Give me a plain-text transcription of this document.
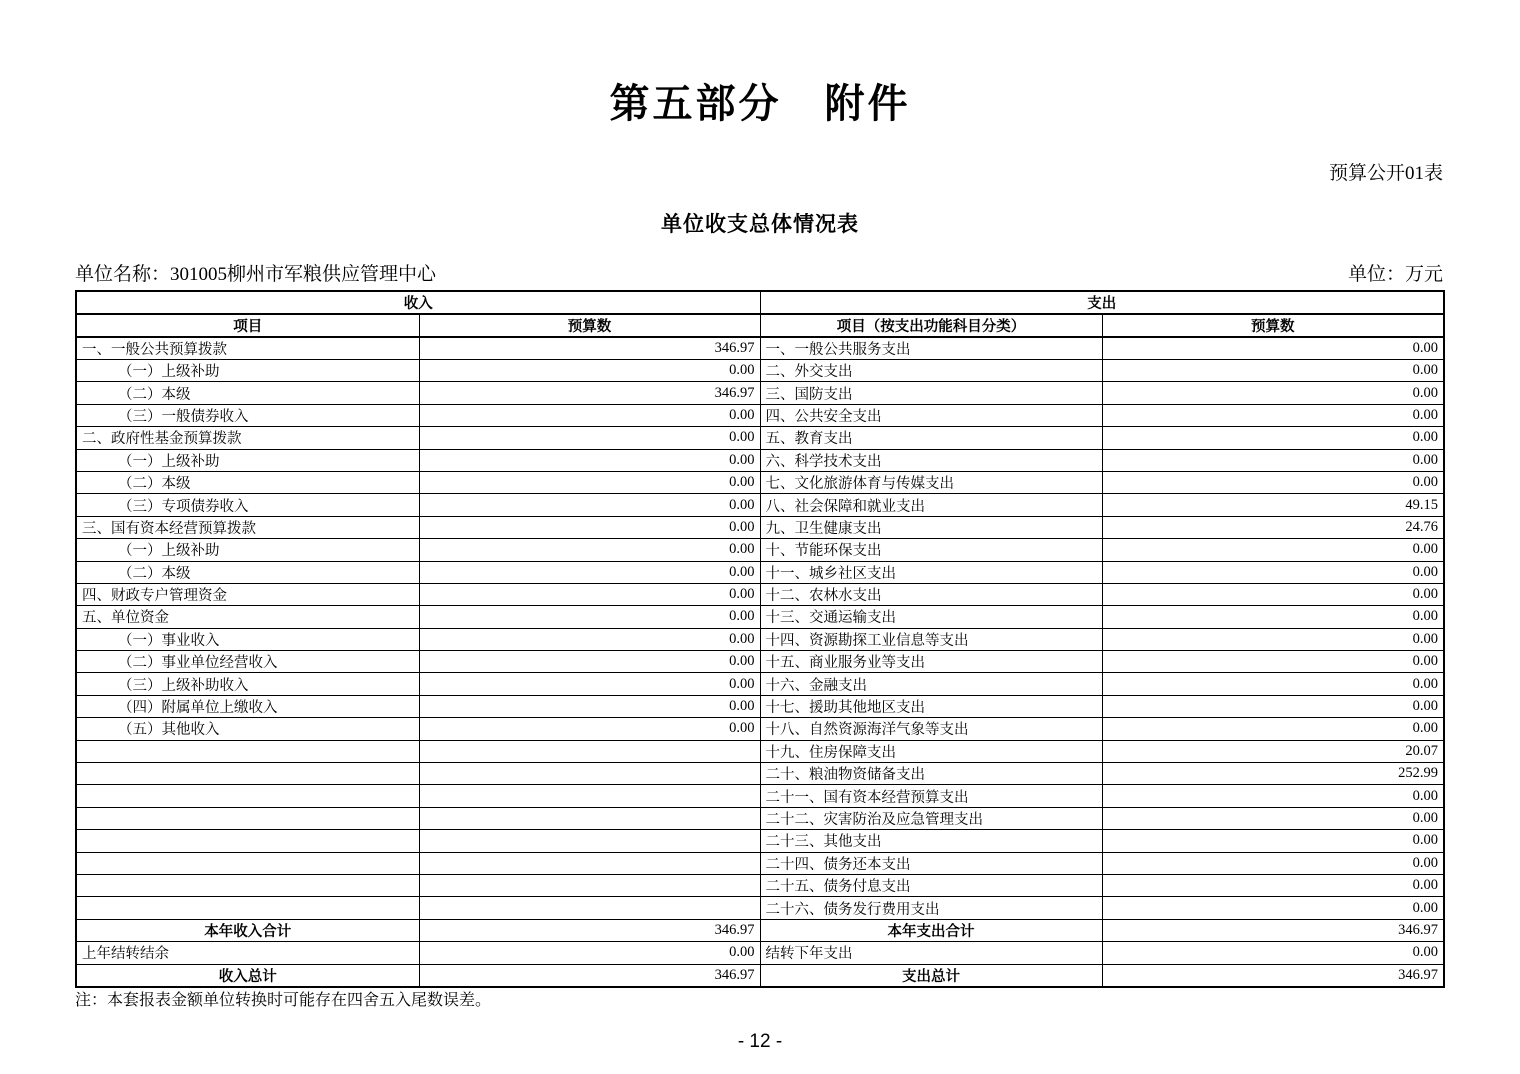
第五部分　附件
预算公开01表
单位收支总体情况表
单位名称：301005柳州市军粮供应管理中心	单位：万元
收入		支出	
项目	预算数	项目（按支出功能科目分类）	预算数
一、一般公共预算拨款	346.97	一、一般公共服务支出	0.00
（一）上级补助	0.00	二、外交支出	0.00
（二）本级	346.97	三、国防支出	0.00
（三）一般债券收入	0.00	四、公共安全支出	0.00
二、政府性基金预算拨款	0.00	五、教育支出	0.00
（一）上级补助	0.00	六、科学技术支出	0.00
（二）本级	0.00	七、文化旅游体育与传媒支出	0.00
（三）专项债券收入	0.00	八、社会保障和就业支出	49.15
三、国有资本经营预算拨款	0.00	九、卫生健康支出	24.76
（一）上级补助	0.00	十、节能环保支出	0.00
（二）本级	0.00	十一、城乡社区支出	0.00
四、财政专户管理资金	0.00	十二、农林水支出	0.00
五、单位资金	0.00	十三、交通运输支出	0.00
（一）事业收入	0.00	十四、资源勘探工业信息等支出	0.00
（二）事业单位经营收入	0.00	十五、商业服务业等支出	0.00
（三）上级补助收入	0.00	十六、金融支出	0.00
（四）附属单位上缴收入	0.00	十七、援助其他地区支出	0.00
（五）其他收入	0.00	十八、自然资源海洋气象等支出	0.00
		十九、住房保障支出	20.07
		二十、粮油物资储备支出	252.99
		二十一、国有资本经营预算支出	0.00
		二十二、灾害防治及应急管理支出	0.00
		二十三、其他支出	0.00
		二十四、债务还本支出	0.00
		二十五、债务付息支出	0.00
		二十六、债务发行费用支出	0.00
本年收入合计	346.97	本年支出合计	346.97
上年结转结余	0.00	结转下年支出	0.00
收入总计	346.97	支出总计	346.97
注：本套报表金额单位转换时可能存在四舍五入尾数误差。
- 12 -
